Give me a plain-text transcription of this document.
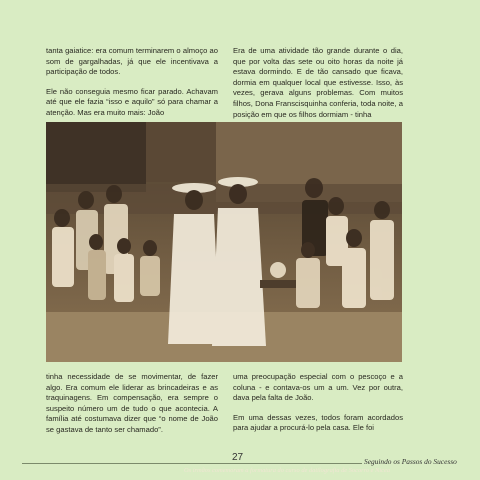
tanta gaiatice: era comum terminarem o almoço ao som de gargalhadas, já que ele incentivava a participação de todos.

Ele não conseguia mesmo ficar parado. Achavam até que ele fazia “isso e aquilo” só para chamar a atenção. Mas era muito mais: João

Era de uma atividade tão grande durante o dia, que por volta das sete ou oito horas da noite já estava dormindo. E de tão cansado que ficava, dormia em qualquer local que estivesse. Isso, às vezes, gerava alguns problemas. Com muitos filhos, Dona Franscisquinha conferia, toda noite, a posição em que os filhos dormiam - tinha

Os irmãos comemoram a formatura do curso de datilografia de Socorro e Nicea

tinha necessidade de se movimentar, de fazer algo. Era comum ele liderar as brincadeiras e as traquinagens. Em compensação, era sempre o suspeito número um de tudo o que acontecia. A família até costumava dizer que “o nome de João se gastava de tanto ser chamado”.

uma preocupação especial com o pescoço e a coluna - e contava-os um a um. Vez por outra, dava pela falta de João.

Em uma dessas vezes, todos foram acordados para ajudar a procurá-lo pela casa. Ele foi

27	Seguindo os Passos do Sucesso
